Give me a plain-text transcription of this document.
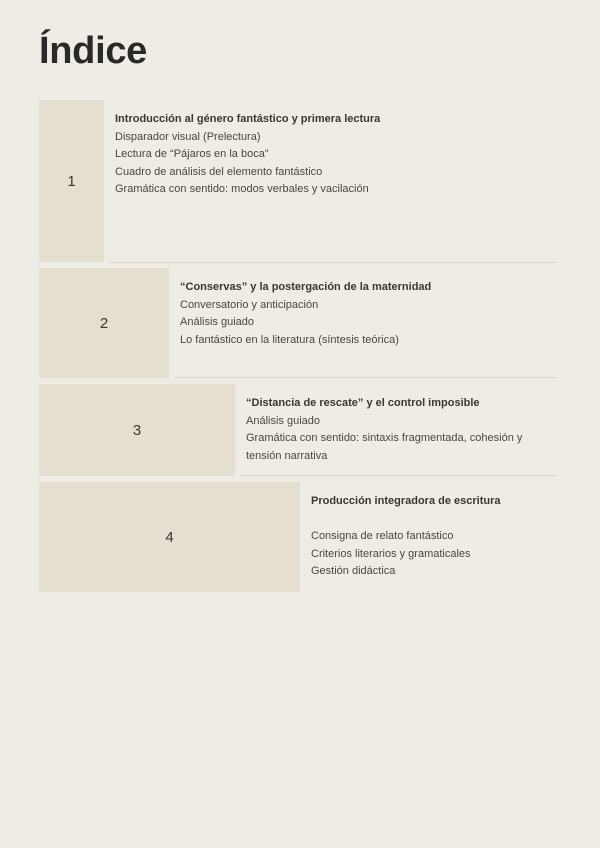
Índice
1
Introducción al género fantástico y primera lectura
Disparador visual (Prelectura)
Lectura de “Pájaros en la boca”
Cuadro de análisis del elemento fantástico
Gramática con sentido: modos verbales y vacilación
2
“Conservas” y la postergación de la maternidad
Conversatorio y anticipación
Análisis guiado
Lo fantástico en la literatura (síntesis teórica)
3
“Distancia de rescate” y el control imposible
Análisis guiado
Gramática con sentido: sintaxis fragmentada, cohesión y tensión narrativa
4
Producción integradora de escritura
Consigna de relato fantástico
Criterios literarios y gramaticales
Gestión didáctica
